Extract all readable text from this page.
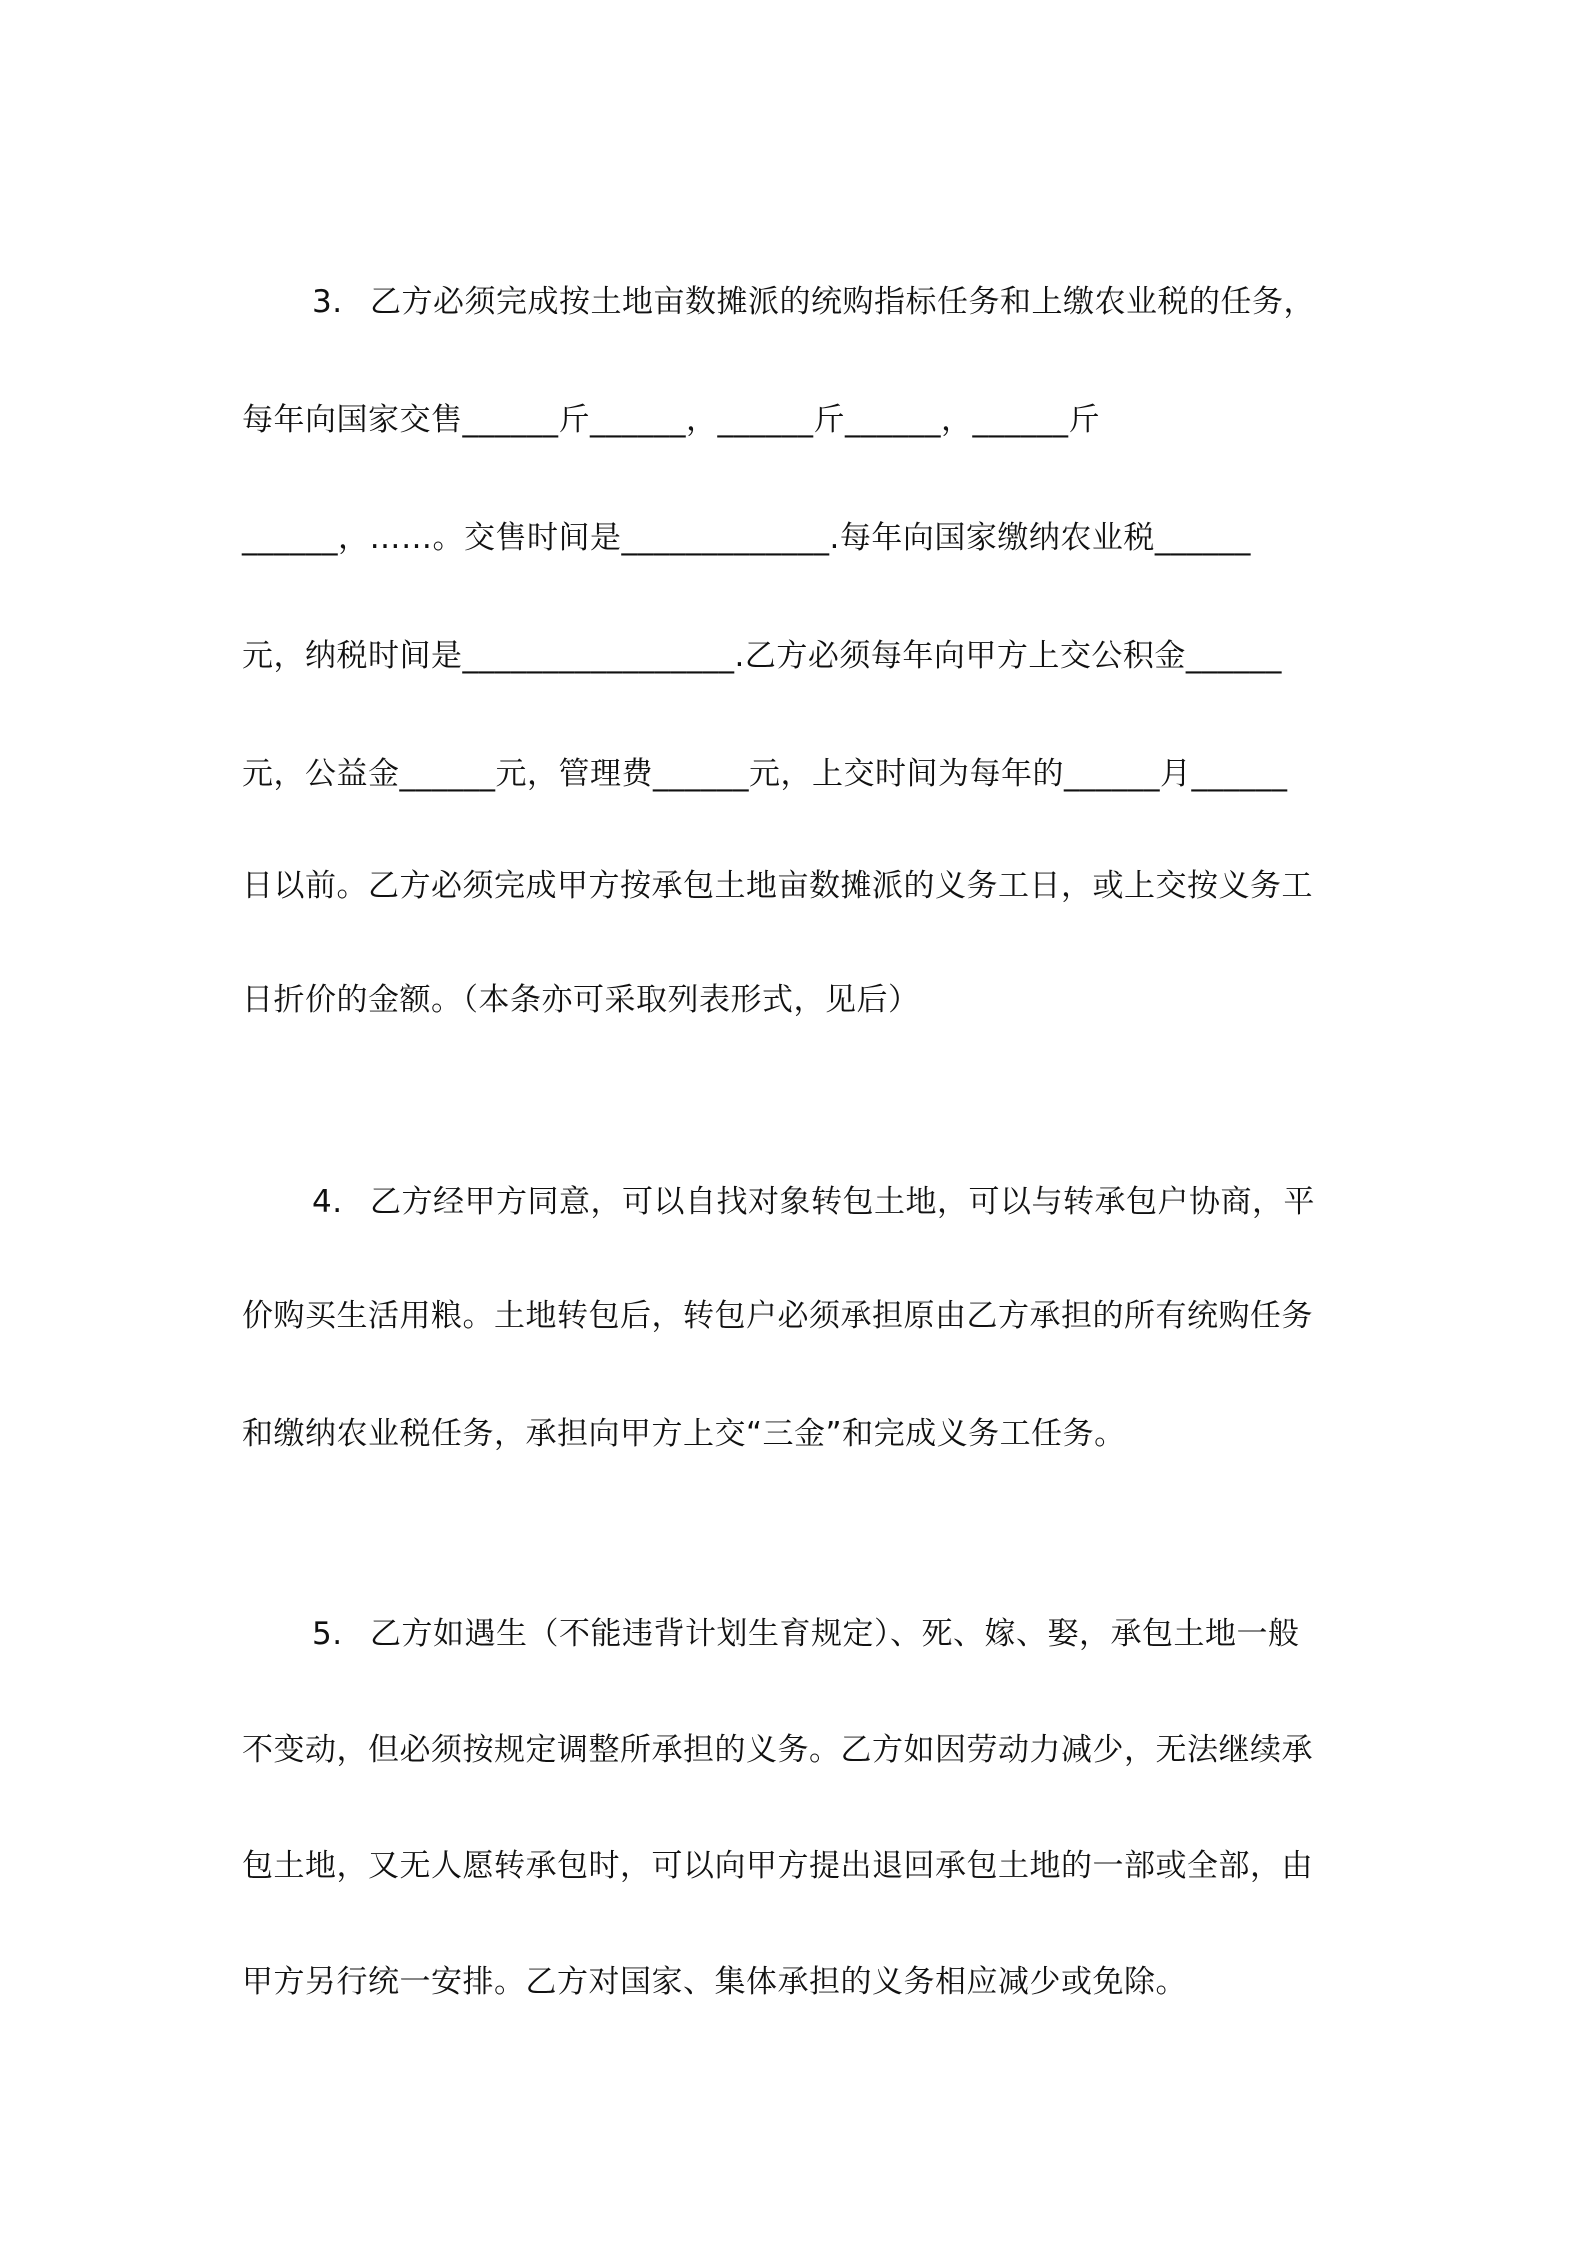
3. 乙方必须完成按土地亩数摊派的统购指标任务和上缴农业税的任务，

每年向国家交售______斤______，______斤______，______斤

______，……。交售时间是_____________.每年向国家缴纳农业税______

元，纳税时间是_________________.乙方必须每年向甲方上交公积金______

元，公益金______元，管理费______元，上交时间为每年的______月______

日以前。乙方必须完成甲方按承包土地亩数摊派的义务工日，或上交按义务工

日折价的金额。（本条亦可采取列表形式，见后）

4. 乙方经甲方同意，可以自找对象转包土地，可以与转承包户协商，平

价购买生活用粮。土地转包后，转包户必须承担原由乙方承担的所有统购任务

和缴纳农业税任务，承担向甲方上交“三金”和完成义务工任务。

5. 乙方如遇生（不能违背计划生育规定）、死、嫁、娶，承包土地一般

不变动，但必须按规定调整所承担的义务。乙方如因劳动力减少，无法继续承

包土地，又无人愿转承包时，可以向甲方提出退回承包土地的一部或全部，由

甲方另行统一安排。乙方对国家、集体承担的义务相应减少或免除。
